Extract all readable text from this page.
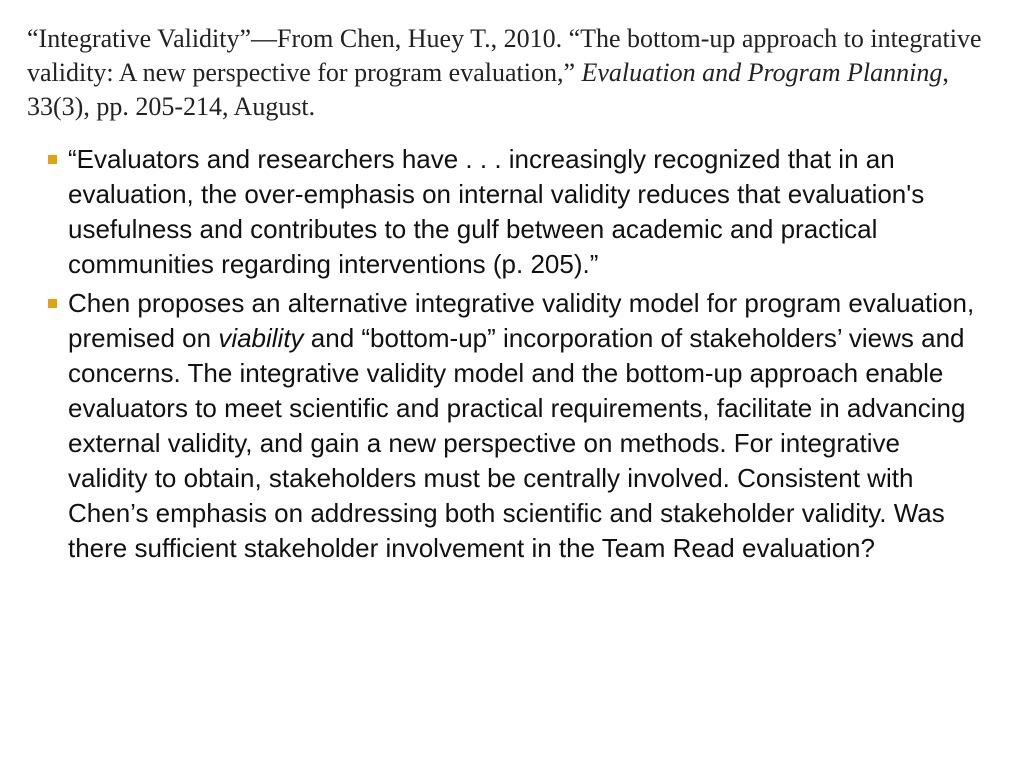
“Integrative Validity”—From Chen, Huey T., 2010. “The bottom-up approach to integrative validity: A new perspective for program evaluation,” Evaluation and Program Planning, 33(3), pp. 205-214, August.
“Evaluators and researchers have . . . increasingly recognized that in an evaluation, the over-emphasis on internal validity reduces that evaluation's usefulness and contributes to the gulf between academic and practical communities regarding interventions (p. 205).”
Chen proposes an alternative integrative validity model for program evaluation, premised on viability and “bottom-up” incorporation of stakeholders’ views and concerns. The integrative validity model and the bottom-up approach enable evaluators to meet scientific and practical requirements, facilitate in advancing external validity, and gain a new perspective on methods. For integrative validity to obtain, stakeholders must be centrally involved. Consistent with Chen’s emphasis on addressing both scientific and stakeholder validity. Was there sufficient stakeholder involvement in the Team Read evaluation?
